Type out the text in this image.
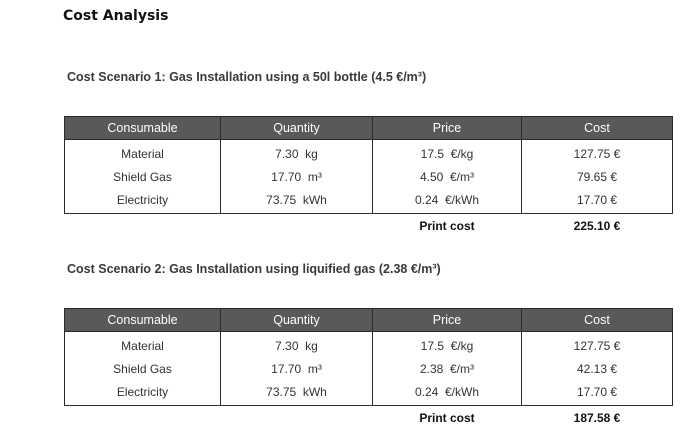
Cost Analysis
Cost Scenario 1: Gas Installation using a 50l bottle (4.5 €/m³)
Consumable	Quantity	Price	Cost
Material	7.30  kg	17.5  €/kg	127.75 €
Shield Gas	17.70  m³	4.50  €/m³	79.65 €
Electricity	73.75  kWh	0.24  €/kWh	17.70 €
		Print cost	225.10 €
Cost Scenario 2: Gas Installation using liquified gas (2.38 €/m³)
Consumable	Quantity	Price	Cost
Material	7.30  kg	17.5  €/kg	127.75 €
Shield Gas	17.70  m³	2.38  €/m³	42.13 €
Electricity	73.75  kWh	0.24  €/kWh	17.70 €
		Print cost	187.58 €
